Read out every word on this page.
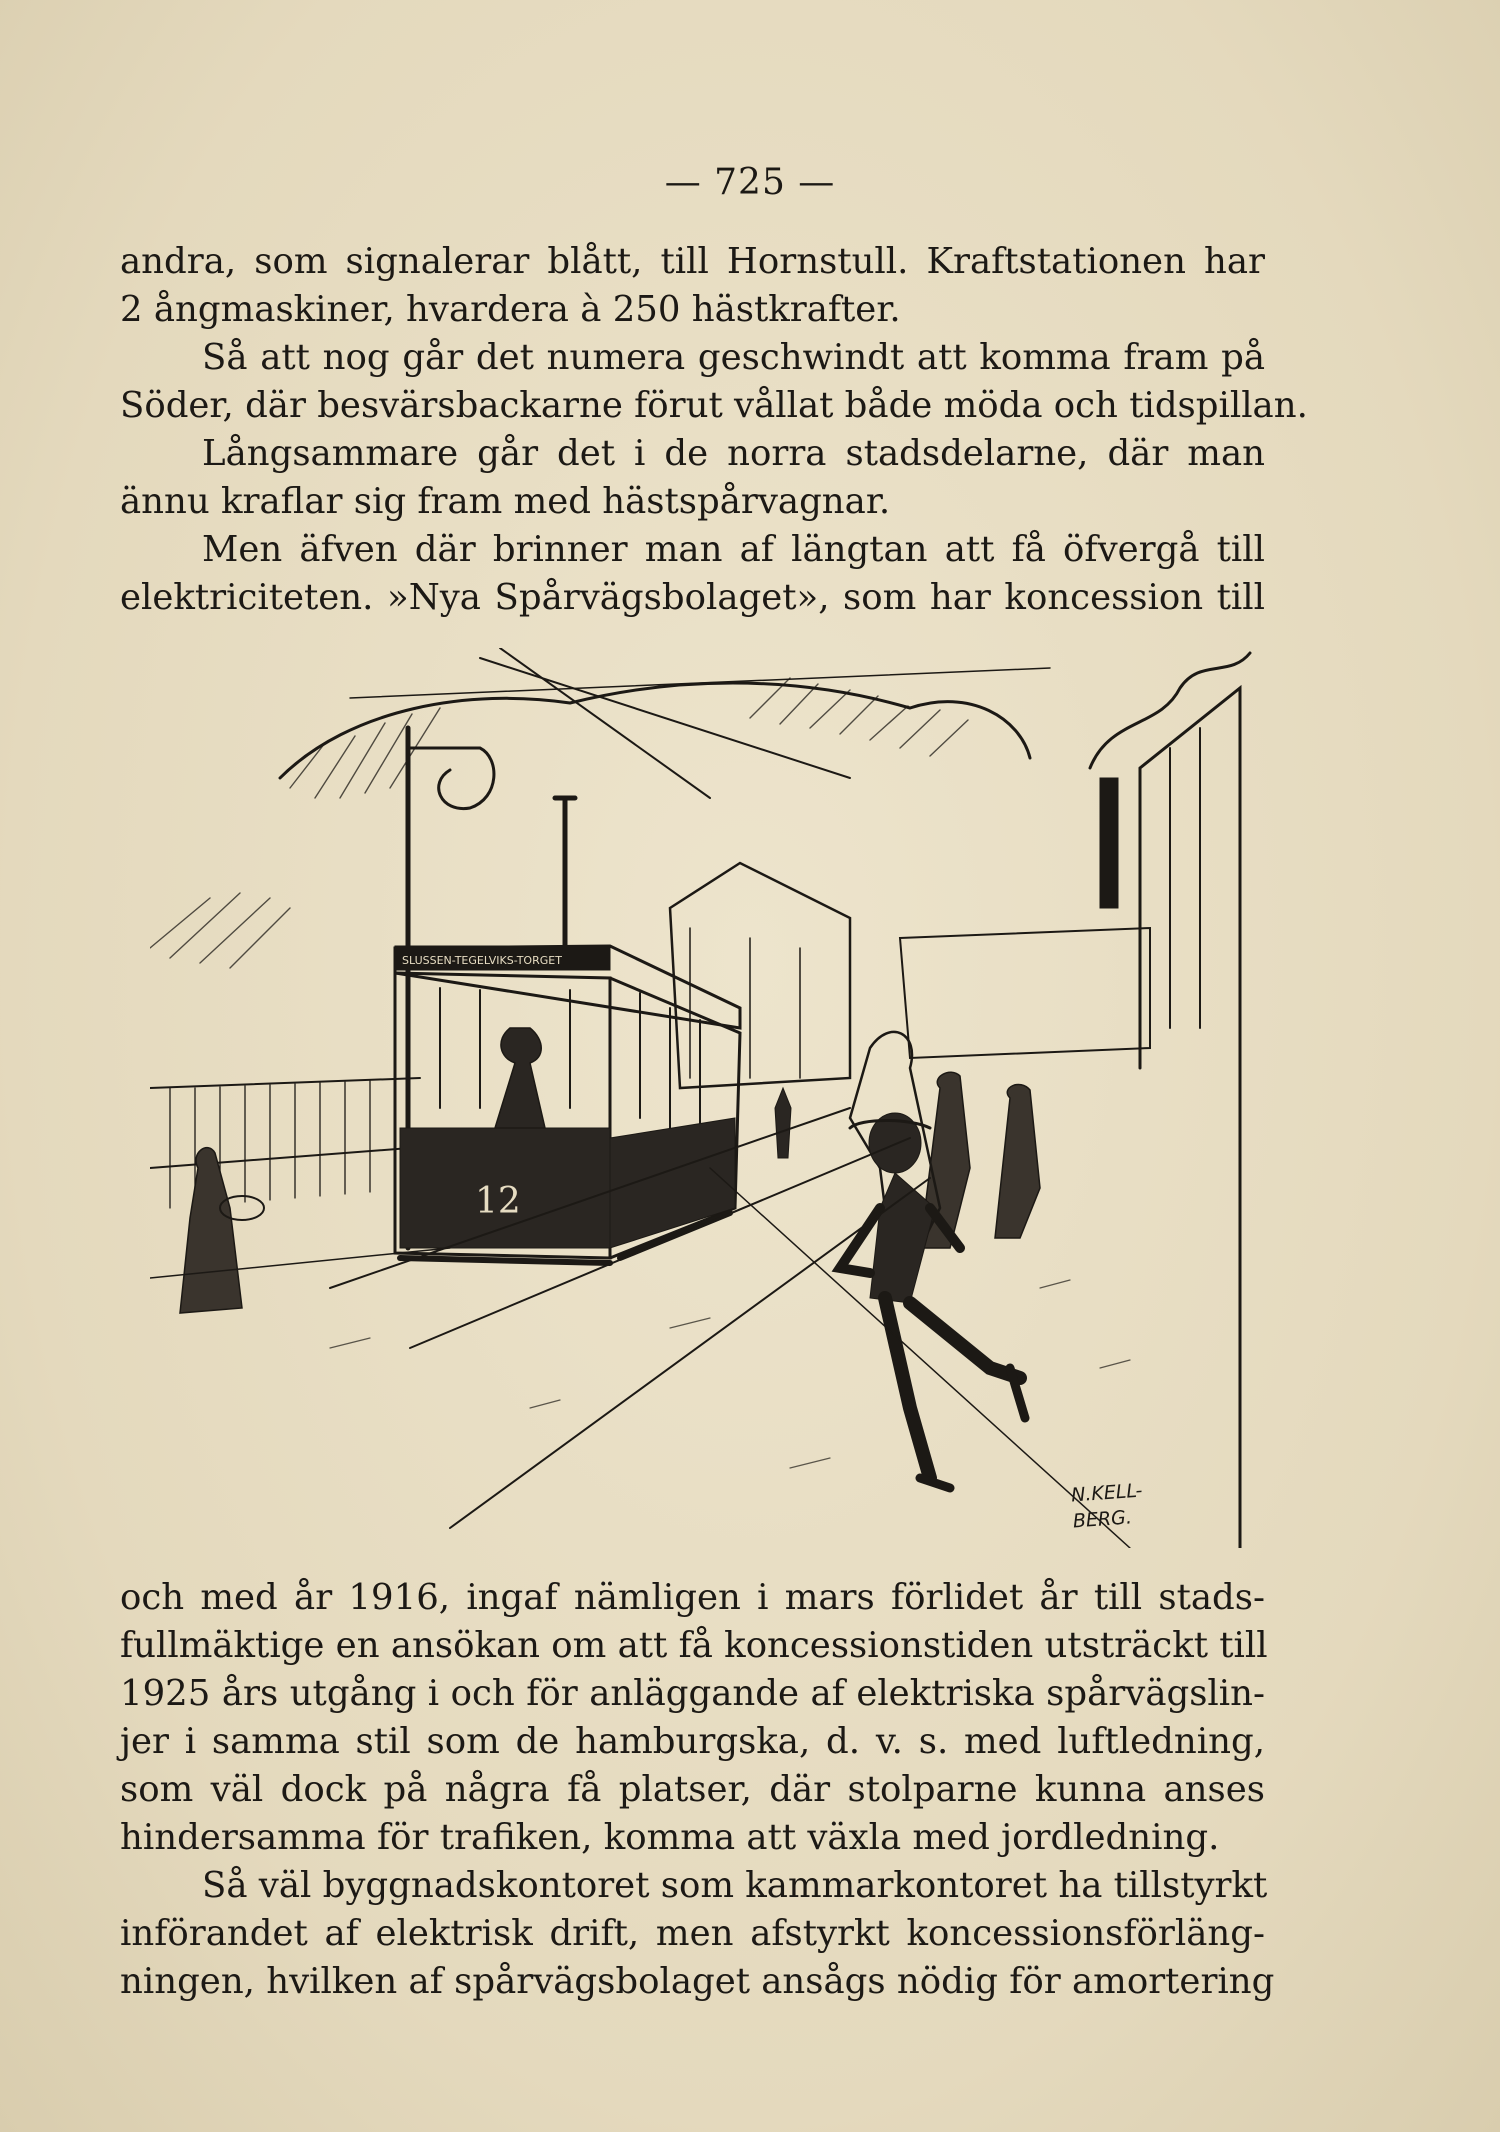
— 725 —
andra, som signalerar blått, till Hornstull. Kraftstationen har
2 ångmaskiner, hvardera à 250 hästkrafter.
Så att nog går det numera geschwindt att komma fram på
Söder, där besvärsbackarne förut vållat både möda och tidspillan.
Långsammare går det i de norra stadsdelarne, där man
ännu kraflar sig fram med hästspårvagnar.
Men äfven där brinner man af längtan att få öfvergå till
elektriciteten. »Nya Spårvägsbolaget», som har koncession till
SLUSSEN-TEGELVIKS-TORGET
12
N.KELL-
BERG.
och med år 1916, ingaf nämligen i mars förlidet år till stads-
fullmäktige en ansökan om att få koncessionstiden utsträckt till
1925 års utgång i och för anläggande af elektriska spårvägslin-
jer i samma stil som de hamburgska, d. v. s. med luftledning,
som väl dock på några få platser, där stolparne kunna anses
hindersamma för trafiken, komma att växla med jordledning.
Så väl byggnadskontoret som kammarkontoret ha tillstyrkt
införandet af elektrisk drift, men afstyrkt koncessionsförläng-
ningen, hvilken af spårvägsbolaget ansågs nödig för amortering
